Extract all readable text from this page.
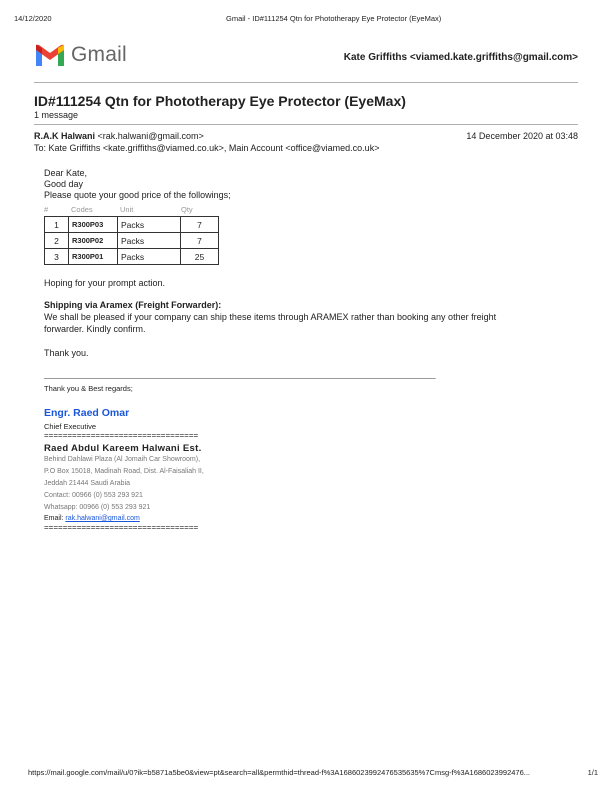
14/12/2020	Gmail - ID#111254 Qtn for Phototherapy Eye Protector (EyeMax)
Gmail	Kate Griffiths <viamed.kate.griffiths@gmail.com>
ID#111254 Qtn for Phototherapy Eye Protector (EyeMax)
1 message
R.A.K Halwani <rak.halwani@gmail.com>	14 December 2020 at 03:48
To: Kate Griffiths <kate.griffiths@viamed.co.uk>, Main Account <office@viamed.co.uk>
Dear Kate,
Good day
Please quote your good price of the followings;
#	Codes	Unit	Qty
1	R300P03	Packs	7
2	R300P02	Packs	7
3	R300P01	Packs	25
Hoping for your prompt action.
Shipping via Aramex (Freight Forwarder):
We shall be pleased if your company can ship these items through ARAMEX rather than booking any other freight
forwarder. Kindly confirm.
Thank you.
________________________________________________________________________________________
Thank you & Best regards;
Engr. Raed Omar
Chief Executive
=================================
Raed Abdul Kareem Halwani Est.
Behind Dahlawi Plaza (Al Jomaih Car Showroom),
P.O Box 15018, Madinah Road, Dist. Al-Faisaliah II,
Jeddah 21444 Saudi Arabia
Contact: 00966 (0) 553 293 921
Whatsapp: 00966 (0) 553 293 921
Email: rak.halwani@gmail.com
=================================
https://mail.google.com/mail/u/0?ik=b5871a5be0&view=pt&search=all&permthid=thread-f%3A1686023992476535635%7Cmsg-f%3A1686023992476...	1/1
